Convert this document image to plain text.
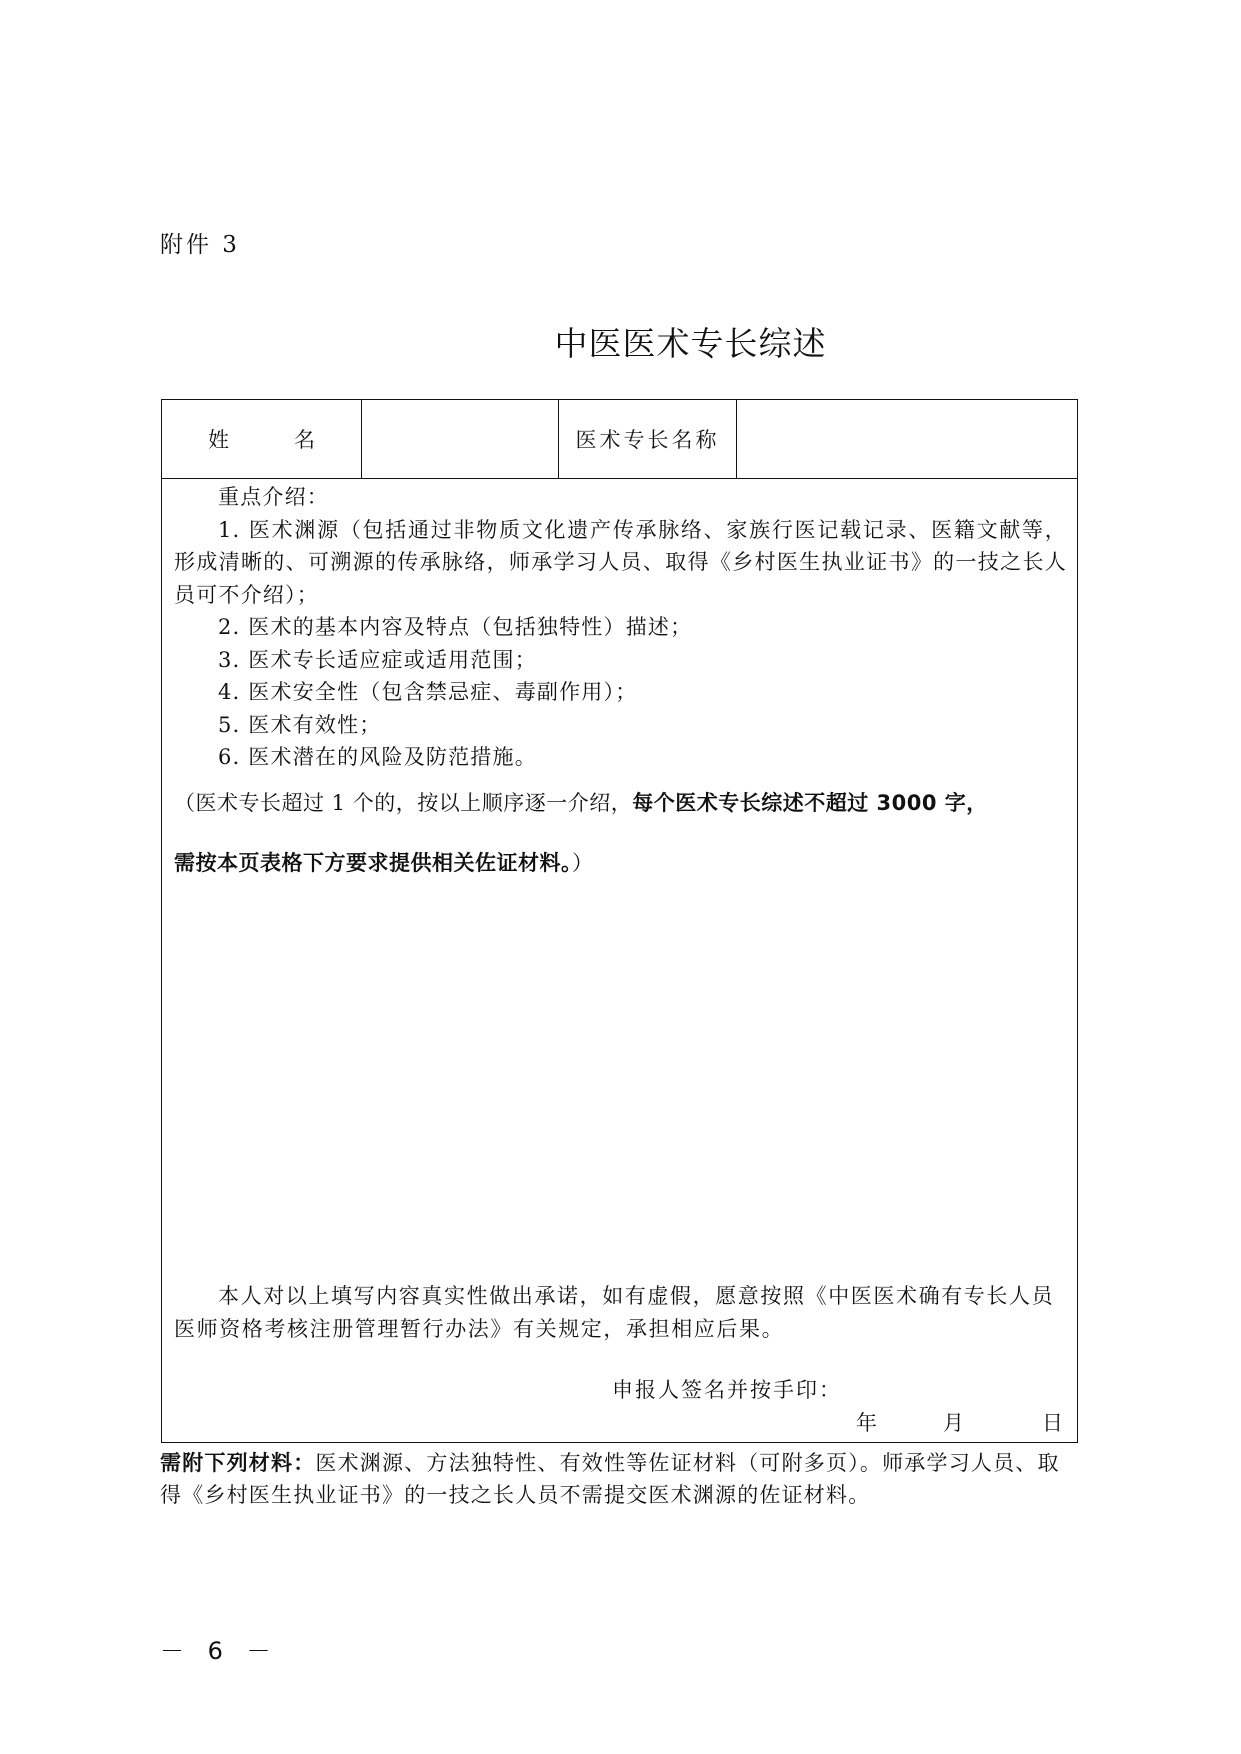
附件 3
中医医术专长综述
姓　名	医术专长名称

重点介绍：

1. 医术渊源（包括通过非物质文化遗产传承脉络、家族行医记载记录、医籍文献等，形成清晰的、可溯源的传承脉络，师承学习人员、取得《乡村医生执业证书》的一技之长人员可不介绍）；

2. 医术的基本内容及特点（包括独特性）描述；

3. 医术专长适应症或适用范围；

4. 医术安全性（包含禁忌症、毒副作用）；

5. 医术有效性；

6. 医术潜在的风险及防范措施。

（医术专长超过 1 个的，按以上顺序逐一介绍，每个医术专长综述不超过 3000 字，

需按本页表格下方要求提供相关佐证材料。）

本人对以上填写内容真实性做出承诺，如有虚假，愿意按照《中医医术确有专长人员医师资格考核注册管理暂行办法》有关规定，承担相应后果。

申报人签名并按手印：
年	月	日

需附下列材料：医术渊源、方法独特性、有效性等佐证材料（可附多页）。师承学习人员、取得《乡村医生执业证书》的一技之长人员不需提交医术渊源的佐证材料。

－ 6 －
